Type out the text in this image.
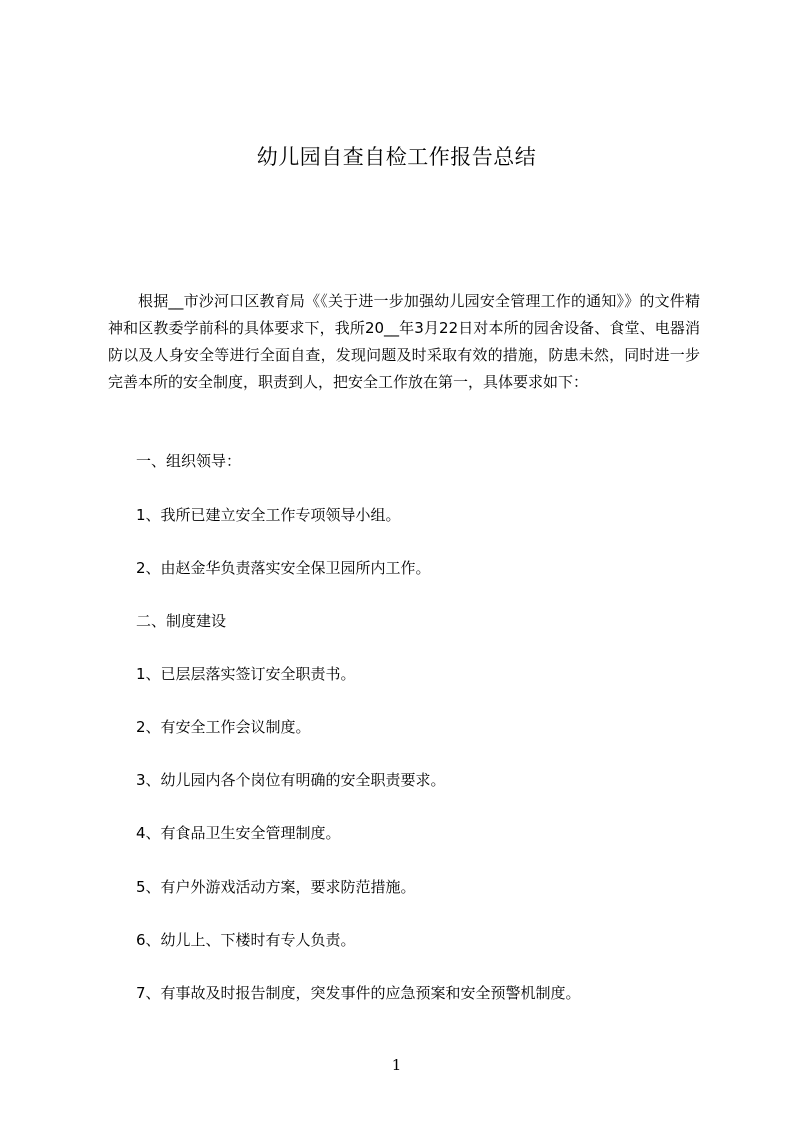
幼儿园自查自检工作报告总结

根据__市沙河口区教育局《《关于进一步加强幼儿园安全管理工作的通知》》的文件精神和区教委学前科的具体要求下，我所20__年3月22日对本所的园舍设备、食堂、电器消防以及人身安全等进行全面自查，发现问题及时采取有效的措施，防患未然，同时进一步完善本所的安全制度，职责到人，把安全工作放在第一，具体要求如下：

一、组织领导：

1、我所已建立安全工作专项领导小组。

2、由赵金华负责落实安全保卫园所内工作。

二、制度建设

1、已层层落实签订安全职责书。

2、有安全工作会议制度。

3、幼儿园内各个岗位有明确的安全职责要求。

4、有食品卫生安全管理制度。

5、有户外游戏活动方案，要求防范措施。

6、幼儿上、下楼时有专人负责。

7、有事故及时报告制度，突发事件的应急预案和安全预警机制度。

1
